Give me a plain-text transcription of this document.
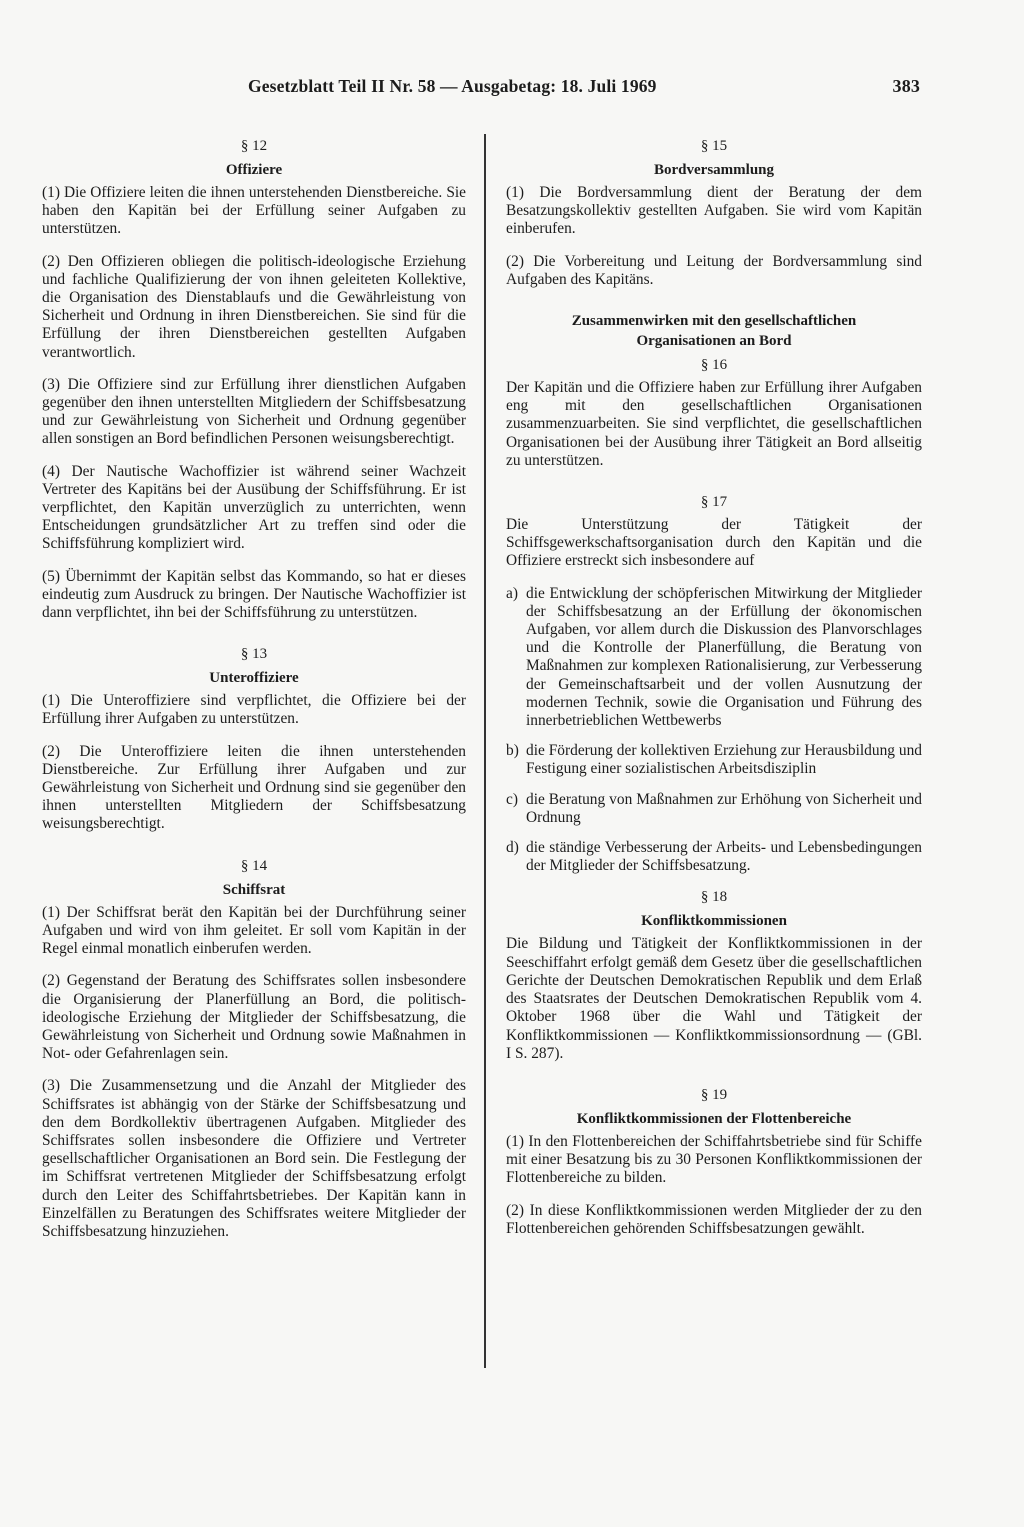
Gesetzblatt Teil II Nr. 58 — Ausgabetag: 18. Juli 1969	383
§ 12
Offiziere

(1) Die Offiziere leiten die ihnen unterstehenden Dienstbereiche. Sie haben den Kapitän bei der Erfüllung seiner Aufgaben zu unterstützen.

(2) Den Offizieren obliegen die politisch-ideologische Erziehung und fachliche Qualifizierung der von ihnen geleiteten Kollektive, die Organisation des Dienstablaufs und die Gewährleistung von Sicherheit und Ordnung in ihren Dienstbereichen. Sie sind für die Erfüllung der ihren Dienstbereichen gestellten Aufgaben verantwortlich.

(3) Die Offiziere sind zur Erfüllung ihrer dienstlichen Aufgaben gegenüber den ihnen unterstellten Mitgliedern der Schiffsbesatzung und zur Gewährleistung von Sicherheit und Ordnung gegenüber allen sonstigen an Bord befindlichen Personen weisungsberechtigt.

(4) Der Nautische Wachoffizier ist während seiner Wachzeit Vertreter des Kapitäns bei der Ausübung der Schiffsführung. Er ist verpflichtet, den Kapitän unverzüglich zu unterrichten, wenn Entscheidungen grundsätzlicher Art zu treffen sind oder die Schiffsführung kompliziert wird.

(5) Übernimmt der Kapitän selbst das Kommando, so hat er dieses eindeutig zum Ausdruck zu bringen. Der Nautische Wachoffizier ist dann verpflichtet, ihn bei der Schiffsführung zu unterstützen.

§ 13
Unteroffiziere

(1) Die Unteroffiziere sind verpflichtet, die Offiziere bei der Erfüllung ihrer Aufgaben zu unterstützen.

(2) Die Unteroffiziere leiten die ihnen unterstehenden Dienstbereiche. Zur Erfüllung ihrer Aufgaben und zur Gewährleistung von Sicherheit und Ordnung sind sie gegenüber den ihnen unterstellten Mitgliedern der Schiffsbesatzung weisungsberechtigt.

§ 14
Schiffsrat

(1) Der Schiffsrat berät den Kapitän bei der Durchführung seiner Aufgaben und wird von ihm geleitet. Er soll vom Kapitän in der Regel einmal monatlich einberufen werden.

(2) Gegenstand der Beratung des Schiffsrates sollen insbesondere die Organisierung der Planerfüllung an Bord, die politisch-ideologische Erziehung der Mitglieder der Schiffsbesatzung, die Gewährleistung von Sicherheit und Ordnung sowie Maßnahmen in Not- oder Gefahrenlagen sein.

(3) Die Zusammensetzung und die Anzahl der Mitglieder des Schiffsrates ist abhängig von der Stärke der Schiffsbesatzung und den dem Bordkollektiv übertragenen Aufgaben. Mitglieder des Schiffsrates sollen insbesondere die Offiziere und Vertreter gesellschaftlicher Organisationen an Bord sein. Die Festlegung der im Schiffsrat vertretenen Mitglieder der Schiffsbesatzung erfolgt durch den Leiter des Schiffahrtsbetriebes. Der Kapitän kann in Einzelfällen zu Beratungen des Schiffsrates weitere Mitglieder der Schiffsbesatzung hinzuziehen.

§ 15
Bordversammlung

(1) Die Bordversammlung dient der Beratung der dem Besatzungskollektiv gestellten Aufgaben. Sie wird vom Kapitän einberufen.

(2) Die Vorbereitung und Leitung der Bordversammlung sind Aufgaben des Kapitäns.

Zusammenwirken mit den gesellschaftlichen
Organisationen an Bord
§ 16

Der Kapitän und die Offiziere haben zur Erfüllung ihrer Aufgaben eng mit den gesellschaftlichen Organisationen zusammenzuarbeiten. Sie sind verpflichtet, die gesellschaftlichen Organisationen bei der Ausübung ihrer Tätigkeit an Bord allseitig zu unterstützen.

§ 17

Die Unterstützung der Tätigkeit der Schiffsgewerkschaftsorganisation durch den Kapitän und die Offiziere erstreckt sich insbesondere auf

a) die Entwicklung der schöpferischen Mitwirkung der Mitglieder der Schiffsbesatzung an der Erfüllung der ökonomischen Aufgaben, vor allem durch die Diskussion des Planvorschlages und die Kontrolle der Planerfüllung, die Beratung von Maßnahmen zur komplexen Rationalisierung, zur Verbesserung der Gemeinschaftsarbeit und der vollen Ausnutzung der modernen Technik, sowie die Organisation und Führung des innerbetrieblichen Wettbewerbs
b) die Förderung der kollektiven Erziehung zur Herausbildung und Festigung einer sozialistischen Arbeitsdisziplin
c) die Beratung von Maßnahmen zur Erhöhung von Sicherheit und Ordnung
d) die ständige Verbesserung der Arbeits- und Lebensbedingungen der Mitglieder der Schiffsbesatzung.
§ 18
Konfliktkommissionen

Die Bildung und Tätigkeit der Konfliktkommissionen in der Seeschiffahrt erfolgt gemäß dem Gesetz über die gesellschaftlichen Gerichte der Deutschen Demokratischen Republik und dem Erlaß des Staatsrates der Deutschen Demokratischen Republik vom 4. Oktober 1968 über die Wahl und Tätigkeit der Konfliktkommissionen — Konfliktkommissionsordnung — (GBl. I S. 287).

§ 19
Konfliktkommissionen der Flottenbereiche

(1) In den Flottenbereichen der Schiffahrtsbetriebe sind für Schiffe mit einer Besatzung bis zu 30 Personen Konfliktkommissionen der Flottenbereiche zu bilden.

(2) In diese Konfliktkommissionen werden Mitglieder der zu den Flottenbereichen gehörenden Schiffsbesatzungen gewählt.
